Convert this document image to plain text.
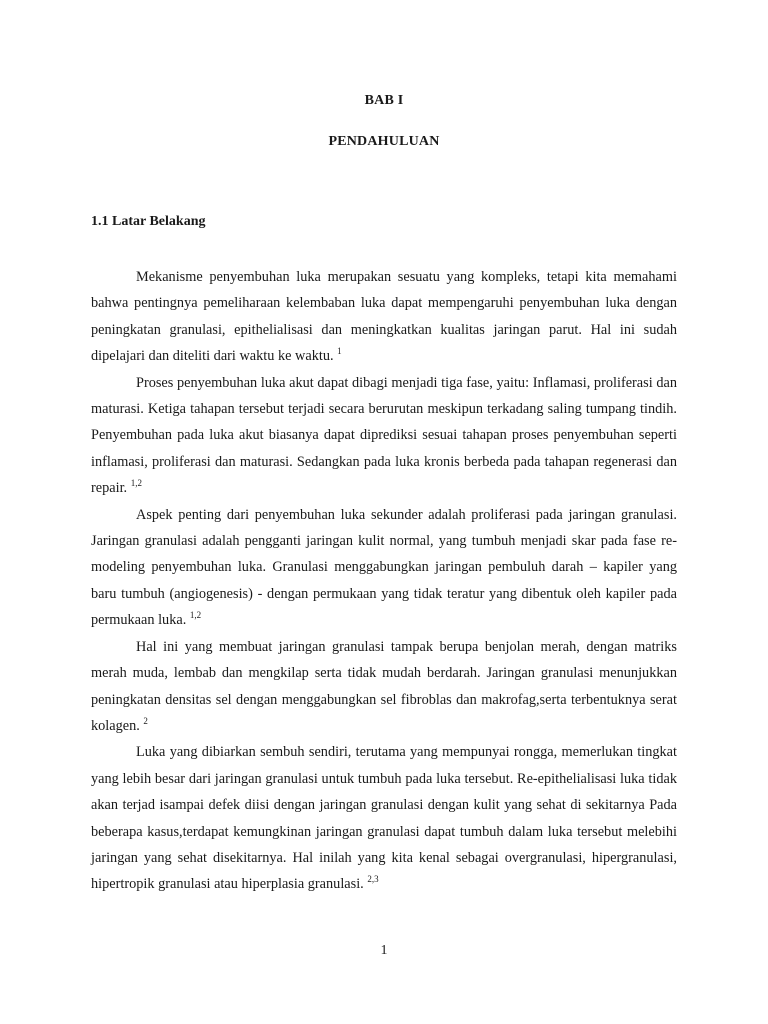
BAB I
PENDAHULUAN
1.1 Latar Belakang

Mekanisme penyembuhan luka merupakan sesuatu yang kompleks, tetapi kita memahami bahwa pentingnya pemeliharaan kelembaban luka dapat mempengaruhi penyembuhan luka dengan peningkatan granulasi, epithelialisasi dan meningkatkan kualitas jaringan parut. Hal ini sudah dipelajari dan diteliti dari waktu ke waktu. $^1$

Proses penyembuhan luka akut dapat dibagi menjadi tiga fase, yaitu: Inflamasi, proliferasi dan maturasi. Ketiga tahapan tersebut terjadi secara berurutan meskipun terkadang saling tumpang tindih. Penyembuhan pada luka akut biasanya dapat diprediksi sesuai tahapan proses penyembuhan seperti inflamasi, proliferasi dan maturasi. Sedangkan pada luka kronis berbeda pada tahapan regenerasi dan repair. $^{1,2}$

Aspek penting dari penyembuhan luka sekunder adalah proliferasi pada jaringan granulasi. Jaringan granulasi adalah pengganti jaringan kulit normal, yang tumbuh menjadi skar pada fase re-modeling penyembuhan luka. Granulasi menggabungkan jaringan pembuluh darah – kapiler yang baru tumbuh (angiogenesis) - dengan permukaan yang tidak teratur yang dibentuk oleh kapiler pada permukaan luka. $^{1,2}$

Hal ini yang membuat jaringan granulasi tampak berupa benjolan merah, dengan matriks merah muda, lembab dan mengkilap serta tidak mudah berdarah. Jaringan granulasi menunjukkan peningkatan densitas sel dengan menggabungkan sel fibroblas dan makrofag,serta terbentuknya serat kolagen. $^2$

Luka yang dibiarkan sembuh sendiri, terutama yang mempunyai rongga, memerlukan tingkat yang lebih besar dari jaringan granulasi untuk tumbuh pada luka tersebut. Re-epithelialisasi luka tidak akan terjad isampai defek diisi dengan jaringan granulasi dengan kulit yang sehat di sekitarnya Pada beberapa kasus,terdapat kemungkinan jaringan granulasi dapat tumbuh dalam luka tersebut melebihi jaringan yang sehat disekitarnya. Hal inilah yang kita kenal sebagai overgranulasi, hipergranulasi, hipertropik granulasi atau hiperplasia granulasi. $^{2,3}$

1
